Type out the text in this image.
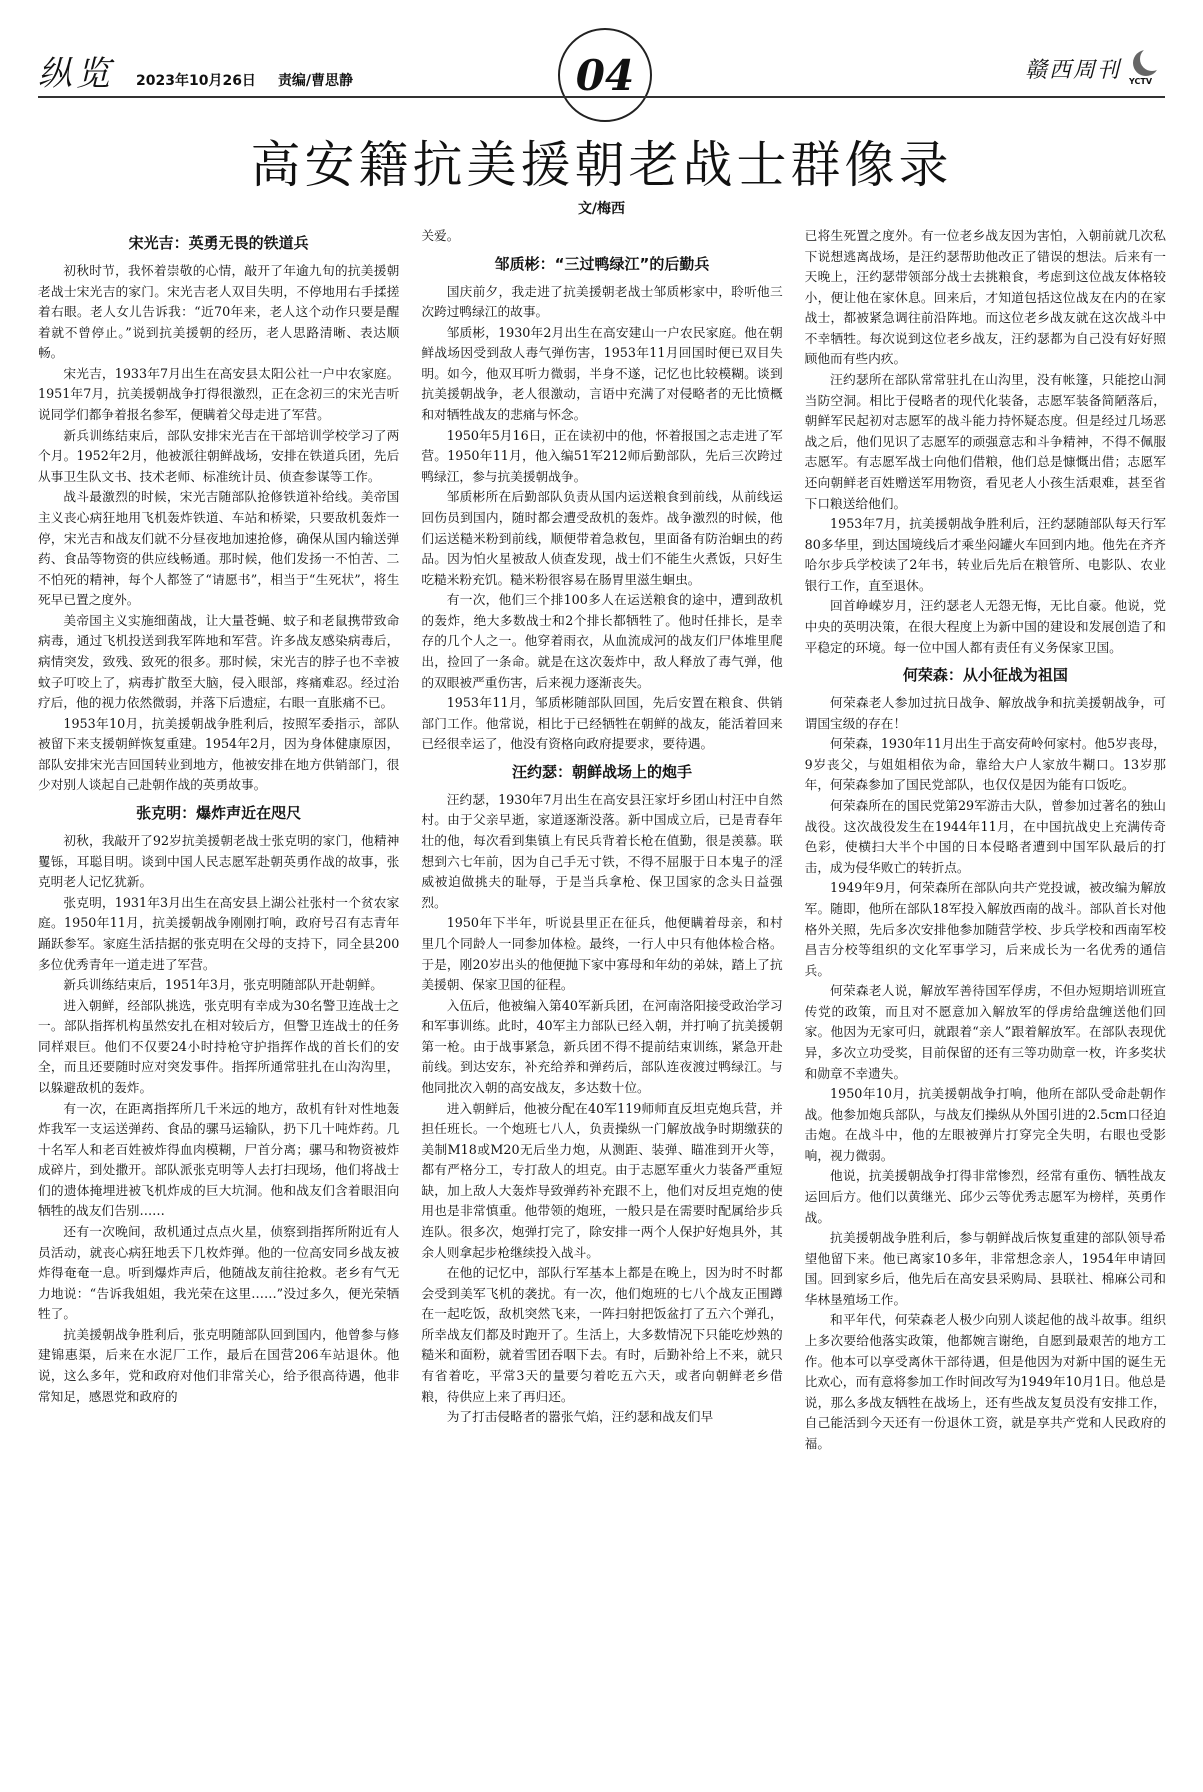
纵览 2023年10月26日 责编/曹思静	04	赣西周刊 YCTV
高安籍抗美援朝老战士群像录
文/梅西
宋光吉：英勇无畏的铁道兵

初秋时节，我怀着崇敬的心情，敲开了年逾九旬的抗美援朝老战士宋光吉的家门。宋光吉老人双目失明，不停地用右手揉搓着右眼。老人女儿告诉我：“近70年来，老人这个动作只要是醒着就不曾停止。”说到抗美援朝的经历，老人思路清晰、表达顺畅。

宋光吉，1933年7月出生在高安县太阳公社一户中农家庭。1951年7月，抗美援朝战争打得很激烈，正在念初三的宋光吉听说同学们都争着报名参军，便瞒着父母走进了军营。

新兵训练结束后，部队安排宋光吉在干部培训学校学习了两个月。1952年2月，他被派往朝鲜战场，安排在铁道兵团，先后从事卫生队文书、技术老师、标准统计员、侦查参谋等工作。

战斗最激烈的时候，宋光吉随部队抢修铁道补给线。美帝国主义丧心病狂地用飞机轰炸铁道、车站和桥梁，只要敌机轰炸一停，宋光吉和战友们就不分昼夜地加速抢修，确保从国内输送弹药、食品等物资的供应线畅通。那时候，他们发扬一不怕苦、二不怕死的精神，每个人都签了“请愿书”，相当于“生死状”，将生死早已置之度外。

美帝国主义实施细菌战，让大量苍蝇、蚊子和老鼠携带致命病毒，通过飞机投送到我军阵地和军营。许多战友感染病毒后，病情突发，致残、致死的很多。那时候，宋光吉的脖子也不幸被蚊子叮咬上了，病毒扩散至大脑，侵入眼部，疼痛难忍。经过治疗后，他的视力依然微弱，并落下后遗症，右眼一直胀痛不已。

1953年10月，抗美援朝战争胜利后，按照军委指示，部队被留下来支援朝鲜恢复重建。1954年2月，因为身体健康原因，部队安排宋光吉回国转业到地方，他被安排在地方供销部门，很少对别人谈起自己赴朝作战的英勇故事。

张克明：爆炸声近在咫尺

初秋，我敲开了92岁抗美援朝老战士张克明的家门，他精神矍铄，耳聪目明。谈到中国人民志愿军赴朝英勇作战的故事，张克明老人记忆犹新。

张克明，1931年3月出生在高安县上湖公社张村一个贫农家庭。1950年11月，抗美援朝战争刚刚打响，政府号召有志青年踊跃参军。家庭生活拮据的张克明在父母的支持下，同全县200多位优秀青年一道走进了军营。

新兵训练结束后，1951年3月，张克明随部队开赴朝鲜。

进入朝鲜，经部队挑选，张克明有幸成为30名警卫连战士之一。部队指挥机构虽然安扎在相对较后方，但警卫连战士的任务同样艰巨。他们不仅要24小时持枪守护指挥作战的首长们的安全，而且还要随时应对突发事件。指挥所通常驻扎在山沟沟里，以躲避敌机的轰炸。

有一次，在距离指挥所几千米远的地方，敌机有针对性地轰炸我军一支运送弹药、食品的骡马运输队，扔下几十吨炸药。几十名军人和老百姓被炸得血肉模糊，尸首分离；骡马和物资被炸成碎片，到处撒开。部队派张克明等人去打扫现场，他们将战士们的遗体掩埋进被飞机炸成的巨大坑洞。他和战友们含着眼泪向牺牲的战友们告别……

还有一次晚间，敌机通过点点火星，侦察到指挥所附近有人员活动，就丧心病狂地丢下几枚炸弹。他的一位高安同乡战友被炸得奄奄一息。听到爆炸声后，他随战友前往抢救。老乡有气无力地说：“告诉我姐姐，我光荣在这里……”没过多久，便光荣牺牲了。

抗美援朝战争胜利后，张克明随部队回到国内，他曾参与修建锦惠渠，后来在水泥厂工作，最后在国营206车站退休。他说，这么多年，党和政府对他们非常关心，给予很高待遇，他非常知足，感恩党和政府的

关爱。

邹质彬：“三过鸭绿江”的后勤兵

国庆前夕，我走进了抗美援朝老战士邹质彬家中，聆听他三次跨过鸭绿江的故事。

邹质彬，1930年2月出生在高安建山一户农民家庭。他在朝鲜战场因受到敌人毒气弹伤害，1953年11月回国时便已双目失明。如今，他双耳听力微弱，半身不遂，记忆也比较模糊。谈到抗美援朝战争，老人很激动，言语中充满了对侵略者的无比愤概和对牺牲战友的悲痛与怀念。

1950年5月16日，正在读初中的他，怀着报国之志走进了军营。1950年11月，他入编51军212师后勤部队，先后三次跨过鸭绿江，参与抗美援朝战争。

邹质彬所在后勤部队负责从国内运送粮食到前线，从前线运回伤员到国内，随时都会遭受敌机的轰炸。战争激烈的时候，他们运送糙米粉到前线，顺便带着急救包，里面备有防治蛔虫的药品。因为怕火星被敌人侦查发现，战士们不能生火煮饭，只好生吃糙米粉充饥。糙米粉很容易在肠胃里滋生蛔虫。

有一次，他们三个排100多人在运送粮食的途中，遭到敌机的轰炸，绝大多数战士和2个排长都牺牲了。他时任排长，是幸存的几个人之一。他穿着雨衣，从血流成河的战友们尸体堆里爬出，捡回了一条命。就是在这次轰炸中，敌人释放了毒气弹，他的双眼被严重伤害，后来视力逐渐丧失。

1953年11月，邹质彬随部队回国，先后安置在粮食、供销部门工作。他常说，相比于已经牺牲在朝鲜的战友，能活着回来已经很幸运了，他没有资格向政府提要求，要待遇。

汪约瑟：朝鲜战场上的炮手

汪约瑟，1930年7月出生在高安县汪家圩乡团山村汪中自然村。由于父亲早逝，家道逐渐没落。新中国成立后，已是青春年壮的他，每次看到集镇上有民兵背着长枪在值勤，很是羡慕。联想到六七年前，因为自己手无寸铁，不得不屈服于日本鬼子的淫威被迫做挑夫的耻辱，于是当兵拿枪、保卫国家的念头日益强烈。

1950年下半年，听说县里正在征兵，他便瞒着母亲，和村里几个同龄人一同参加体检。最终，一行人中只有他体检合格。于是，刚20岁出头的他便抛下家中寡母和年幼的弟妹，踏上了抗美援朝、保家卫国的征程。

入伍后，他被编入第40军新兵团，在河南洛阳接受政治学习和军事训练。此时，40军主力部队已经入朝，并打响了抗美援朝第一枪。由于战事紧急，新兵团不得不提前结束训练，紧急开赴前线。到达安东，补充给养和弹药后，部队连夜渡过鸭绿江。与他同批次入朝的高安战友，多达数十位。

进入朝鲜后，他被分配在40军119师师直反坦克炮兵营，并担任班长。一个炮班七八人，负责操纵一门解放战争时期缴获的美制M18或M20无后坐力炮，从测距、装弹、瞄准到开火等，都有严格分工，专打敌人的坦克。由于志愿军重火力装备严重短缺，加上敌人大轰炸导致弹药补充跟不上，他们对反坦克炮的使用也是非常慎重。他带领的炮班，一般只是在需要时配属给步兵连队。很多次，炮弹打完了，除安排一两个人保护好炮具外，其余人则拿起步枪继续投入战斗。

在他的记忆中，部队行军基本上都是在晚上，因为时不时都会受到美军飞机的袭扰。有一次，他们炮班的七八个战友正围蹲在一起吃饭，敌机突然飞来，一阵扫射把饭盆打了五六个弹孔，所幸战友们都及时跑开了。生活上，大多数情况下只能吃炒熟的糙米和面粉，就着雪团吞咽下去。有时，后勤补给上不来，就只有省着吃，平常3天的量要匀着吃五六天，或者向朝鲜老乡借粮，待供应上来了再归还。

为了打击侵略者的嚣张气焰，汪约瑟和战友们早

已将生死置之度外。有一位老乡战友因为害怕，入朝前就几次私下说想逃离战场，是汪约瑟帮助他改正了错误的想法。后来有一天晚上，汪约瑟带领部分战士去挑粮食，考虑到这位战友体格较小，便让他在家休息。回来后，才知道包括这位战友在内的在家战士，都被紧急调往前沿阵地。而这位老乡战友就在这次战斗中不幸牺牲。每次说到这位老乡战友，汪约瑟都为自己没有好好照顾他而有些内疚。

汪约瑟所在部队常常驻扎在山沟里，没有帐篷，只能挖山洞当防空洞。相比于侵略者的现代化装备，志愿军装备简陋落后，朝鲜军民起初对志愿军的战斗能力持怀疑态度。但是经过几场恶战之后，他们见识了志愿军的顽强意志和斗争精神，不得不佩服志愿军。有志愿军战士向他们借粮，他们总是慷慨出借；志愿军还向朝鲜老百姓赠送军用物资，看见老人小孩生活艰难，甚至省下口粮送给他们。

1953年7月，抗美援朝战争胜利后，汪约瑟随部队每天行军80多华里，到达国境线后才乘坐闷罐火车回到内地。他先在齐齐哈尔步兵学校读了2年书，转业后先后在粮管所、电影队、农业银行工作，直至退休。

回首峥嵘岁月，汪约瑟老人无怨无悔，无比自豪。他说，党中央的英明决策，在很大程度上为新中国的建设和发展创造了和平稳定的环境。每一位中国人都有责任有义务保家卫国。

何荣森：从小征战为祖国

何荣森老人参加过抗日战争、解放战争和抗美援朝战争，可谓国宝级的存在！

何荣森，1930年11月出生于高安荷岭何家村。他5岁丧母，9岁丧父，与姐姐相依为命，靠给大户人家放牛糊口。13岁那年，何荣森参加了国民党部队，也仅仅是因为能有口饭吃。

何荣森所在的国民党第29军游击大队，曾参加过著名的独山战役。这次战役发生在1944年11月，在中国抗战史上充满传奇色彩，使横扫大半个中国的日本侵略者遭到中国军队最后的打击，成为侵华败亡的转折点。

1949年9月，何荣森所在部队向共产党投诚，被改编为解放军。随即，他所在部队18军投入解放西南的战斗。部队首长对他格外关照，先后多次安排他参加随营学校、步兵学校和西南军校昌吉分校等组织的文化军事学习，后来成长为一名优秀的通信兵。

何荣森老人说，解放军善待国军俘虏，不但办短期培训班宣传党的政策，而且对不愿意加入解放军的俘虏给盘缠送他们回家。他因为无家可归，就跟着“亲人”跟着解放军。在部队表现优异，多次立功受奖，目前保留的还有三等功勋章一枚，许多奖状和勋章不幸遗失。

1950年10月，抗美援朝战争打响，他所在部队受命赴朝作战。他参加炮兵部队，与战友们操纵从外国引进的2.5cm口径迫击炮。在战斗中，他的左眼被弹片打穿完全失明，右眼也受影响，视力微弱。

他说，抗美援朝战争打得非常惨烈，经常有重伤、牺牲战友运回后方。他们以黄继光、邱少云等优秀志愿军为榜样，英勇作战。

抗美援朝战争胜利后，参与朝鲜战后恢复重建的部队领导希望他留下来。他已离家10多年，非常想念亲人，1954年申请回国。回到家乡后，他先后在高安县采购局、县联社、棉麻公司和华林垦殖场工作。

和平年代，何荣森老人极少向别人谈起他的战斗故事。组织上多次要给他落实政策，他都婉言谢绝，自愿到最艰苦的地方工作。他本可以享受离休干部待遇，但是他因为对新中国的诞生无比欢心，而有意将参加工作时间改写为1949年10月1日。他总是说，那么多战友牺牲在战场上，还有些战友复员没有安排工作，自己能活到今天还有一份退休工资，就是享共产党和人民政府的福。
